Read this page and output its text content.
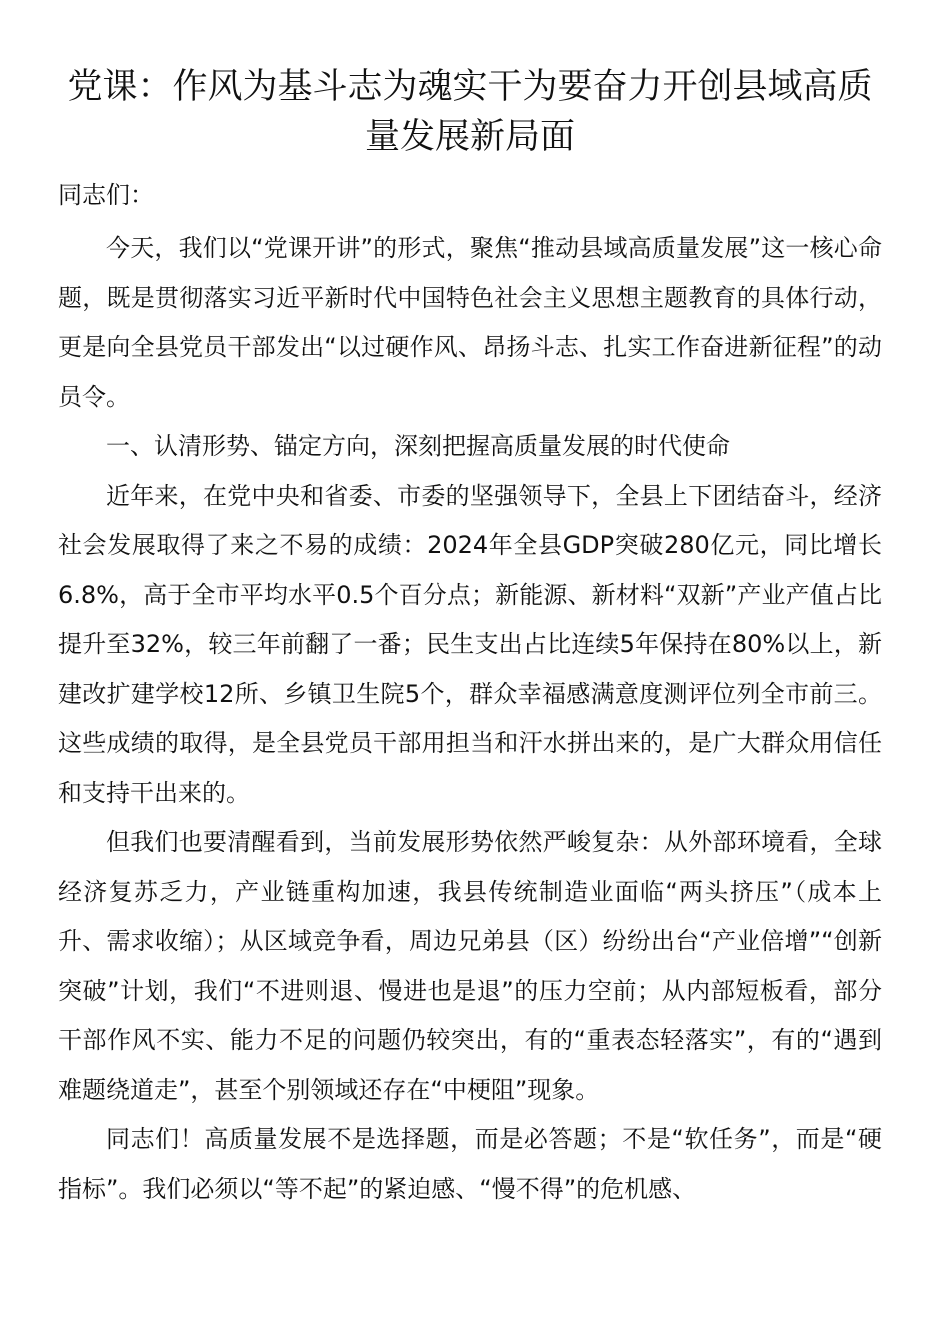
党课：作风为基斗志为魂实干为要奋力开创县域高质量发展新局面

同志们：

今天，我们以“党课开讲”的形式，聚焦“推动县域高质量发展”这一核心命题，既是贯彻落实习近平新时代中国特色社会主义思想主题教育的具体行动，更是向全县党员干部发出“以过硬作风、昂扬斗志、扎实工作奋进新征程”的动员令。

一、认清形势、锚定方向，深刻把握高质量发展的时代使命

近年来，在党中央和省委、市委的坚强领导下，全县上下团结奋斗，经济社会发展取得了来之不易的成绩：2024年全县GDP突破280亿元，同比增长6.8%，高于全市平均水平0.5个百分点；新能源、新材料“双新”产业产值占比提升至32%，较三年前翻了一番；民生支出占比连续5年保持在80%以上，新建改扩建学校12所、乡镇卫生院5个，群众幸福感满意度测评位列全市前三。这些成绩的取得，是全县党员干部用担当和汗水拼出来的，是广大群众用信任和支持干出来的。

但我们也要清醒看到，当前发展形势依然严峻复杂：从外部环境看，全球经济复苏乏力，产业链重构加速，我县传统制造业面临“两头挤压”（成本上升、需求收缩）；从区域竞争看，周边兄弟县（区）纷纷出台“产业倍增”“创新突破”计划，我们“不进则退、慢进也是退”的压力空前；从内部短板看，部分干部作风不实、能力不足的问题仍较突出，有的“重表态轻落实”，有的“遇到难题绕道走”，甚至个别领域还存在“中梗阻”现象。

同志们！高质量发展不是选择题，而是必答题；不是“软任务”，而是“硬指标”。我们必须以“等不起”的紧迫感、“慢不得”的危机感、
